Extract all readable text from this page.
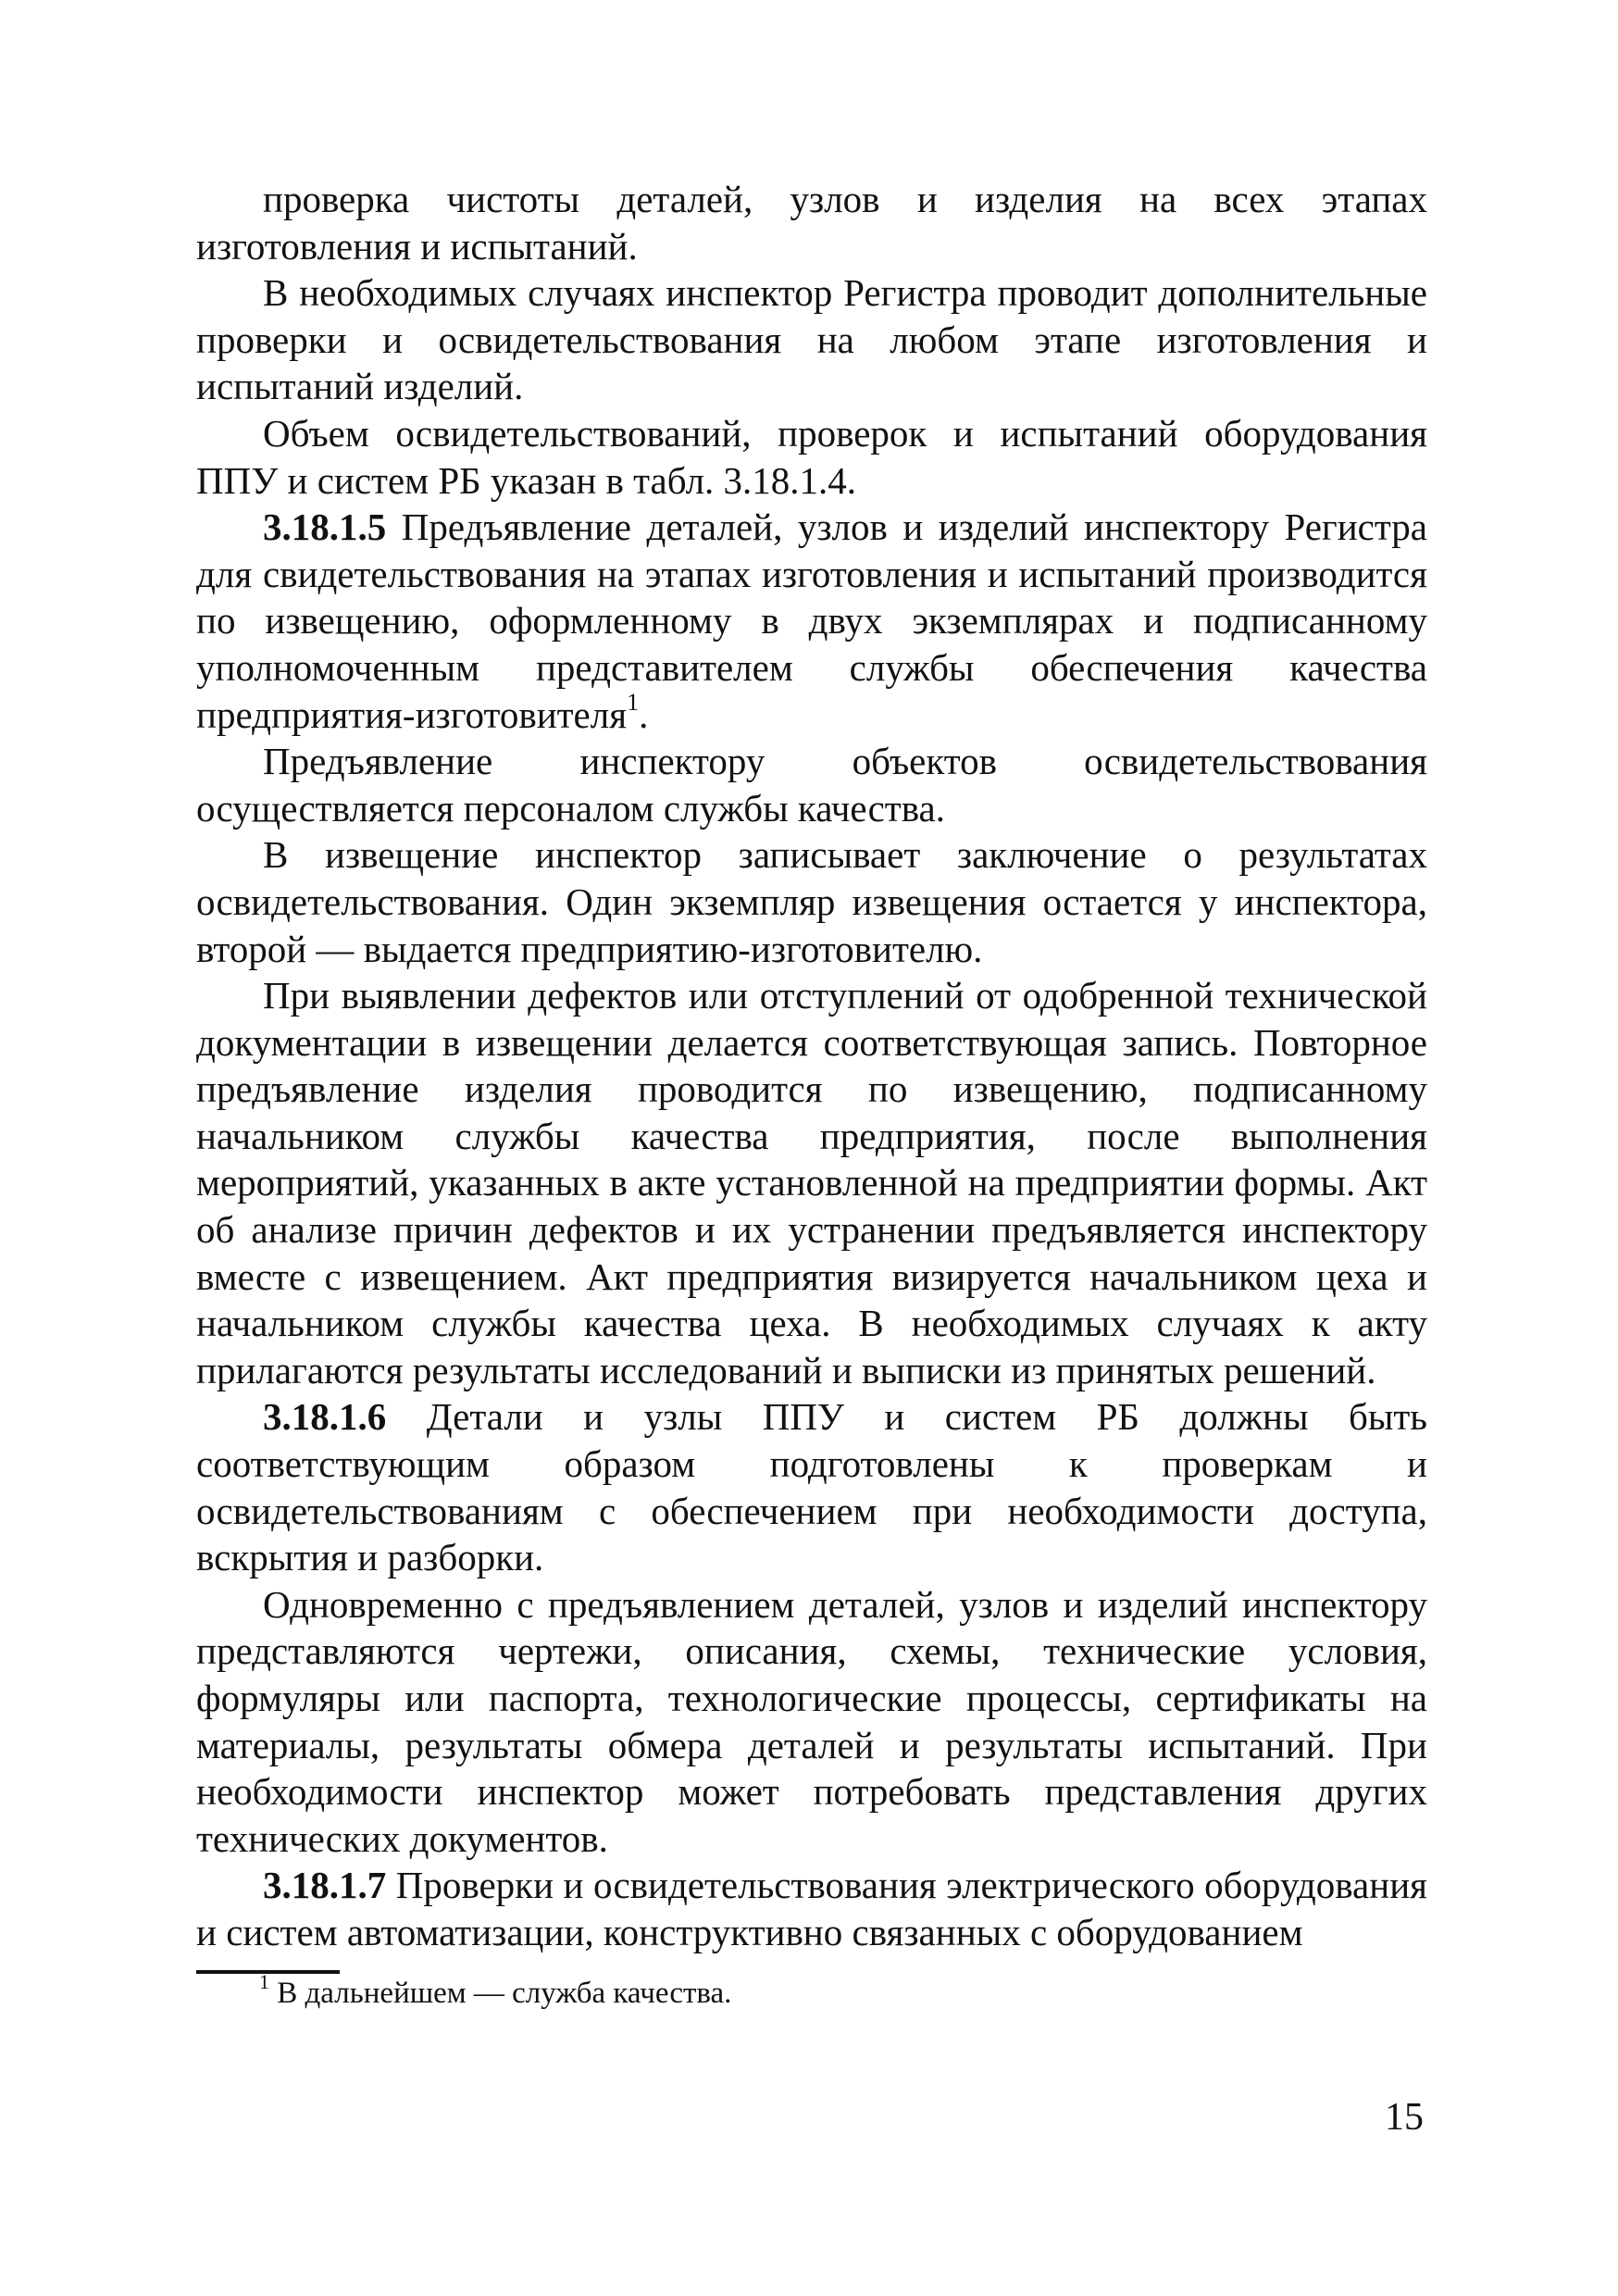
проверка чистоты деталей, узлов и изделия на всех этапах изготовления и испытаний.

В необходимых случаях инспектор Регистра проводит дополнительные проверки и освидетельствования на любом этапе изготовления и испытаний изделий.

Объем освидетельствований, проверок и испытаний оборудования ППУ и систем РБ указан в табл. 3.18.1.4.

3.18.1.5 Предъявление деталей, узлов и изделий инспектору Регистра для свидетельствования на этапах изготовления и испытаний производится по извещению, оформленному в двух экземплярах и подписанному уполномоченным представителем службы обеспечения качества предприятия-изготовителя$^1$.

Предъявление инспектору объектов освидетельствования осуществляется персоналом службы качества.

В извещение инспектор записывает заключение о результатах освидетельствования. Один экземпляр извещения остается у инспектора, второй — выдается предприятию-изготовителю.

При выявлении дефектов или отступлений от одобренной технической документации в извещении делается соответствующая запись. Повторное предъявление изделия проводится по извещению, подписанному начальником службы качества предприятия, после выполнения мероприятий, указанных в акте установленной на предприятии формы. Акт об анализе причин дефектов и их устранении предъявляется инспектору вместе с извещением. Акт предприятия визируется начальником цеха и начальником службы качества цеха. В необходимых случаях к акту прилагаются результаты исследований и выписки из принятых решений.

3.18.1.6 Детали и узлы ППУ и систем РБ должны быть соответствующим образом подготовлены к проверкам и освидетельствованиям с обеспечением при необходимости доступа, вскрытия и разборки.

Одновременно с предъявлением деталей, узлов и изделий инспектору представляются чертежи, описания, схемы, технические условия, формуляры или паспорта, технологические процессы, сертификаты на материалы, результаты обмера деталей и результаты испытаний. При необходимости инспектор может потребовать представления других технических документов.

3.18.1.7 Проверки и освидетельствования электрического оборудования и систем автоматизации, конструктивно связанных с оборудованием

$^1$ В дальнейшем — служба качества.

15
